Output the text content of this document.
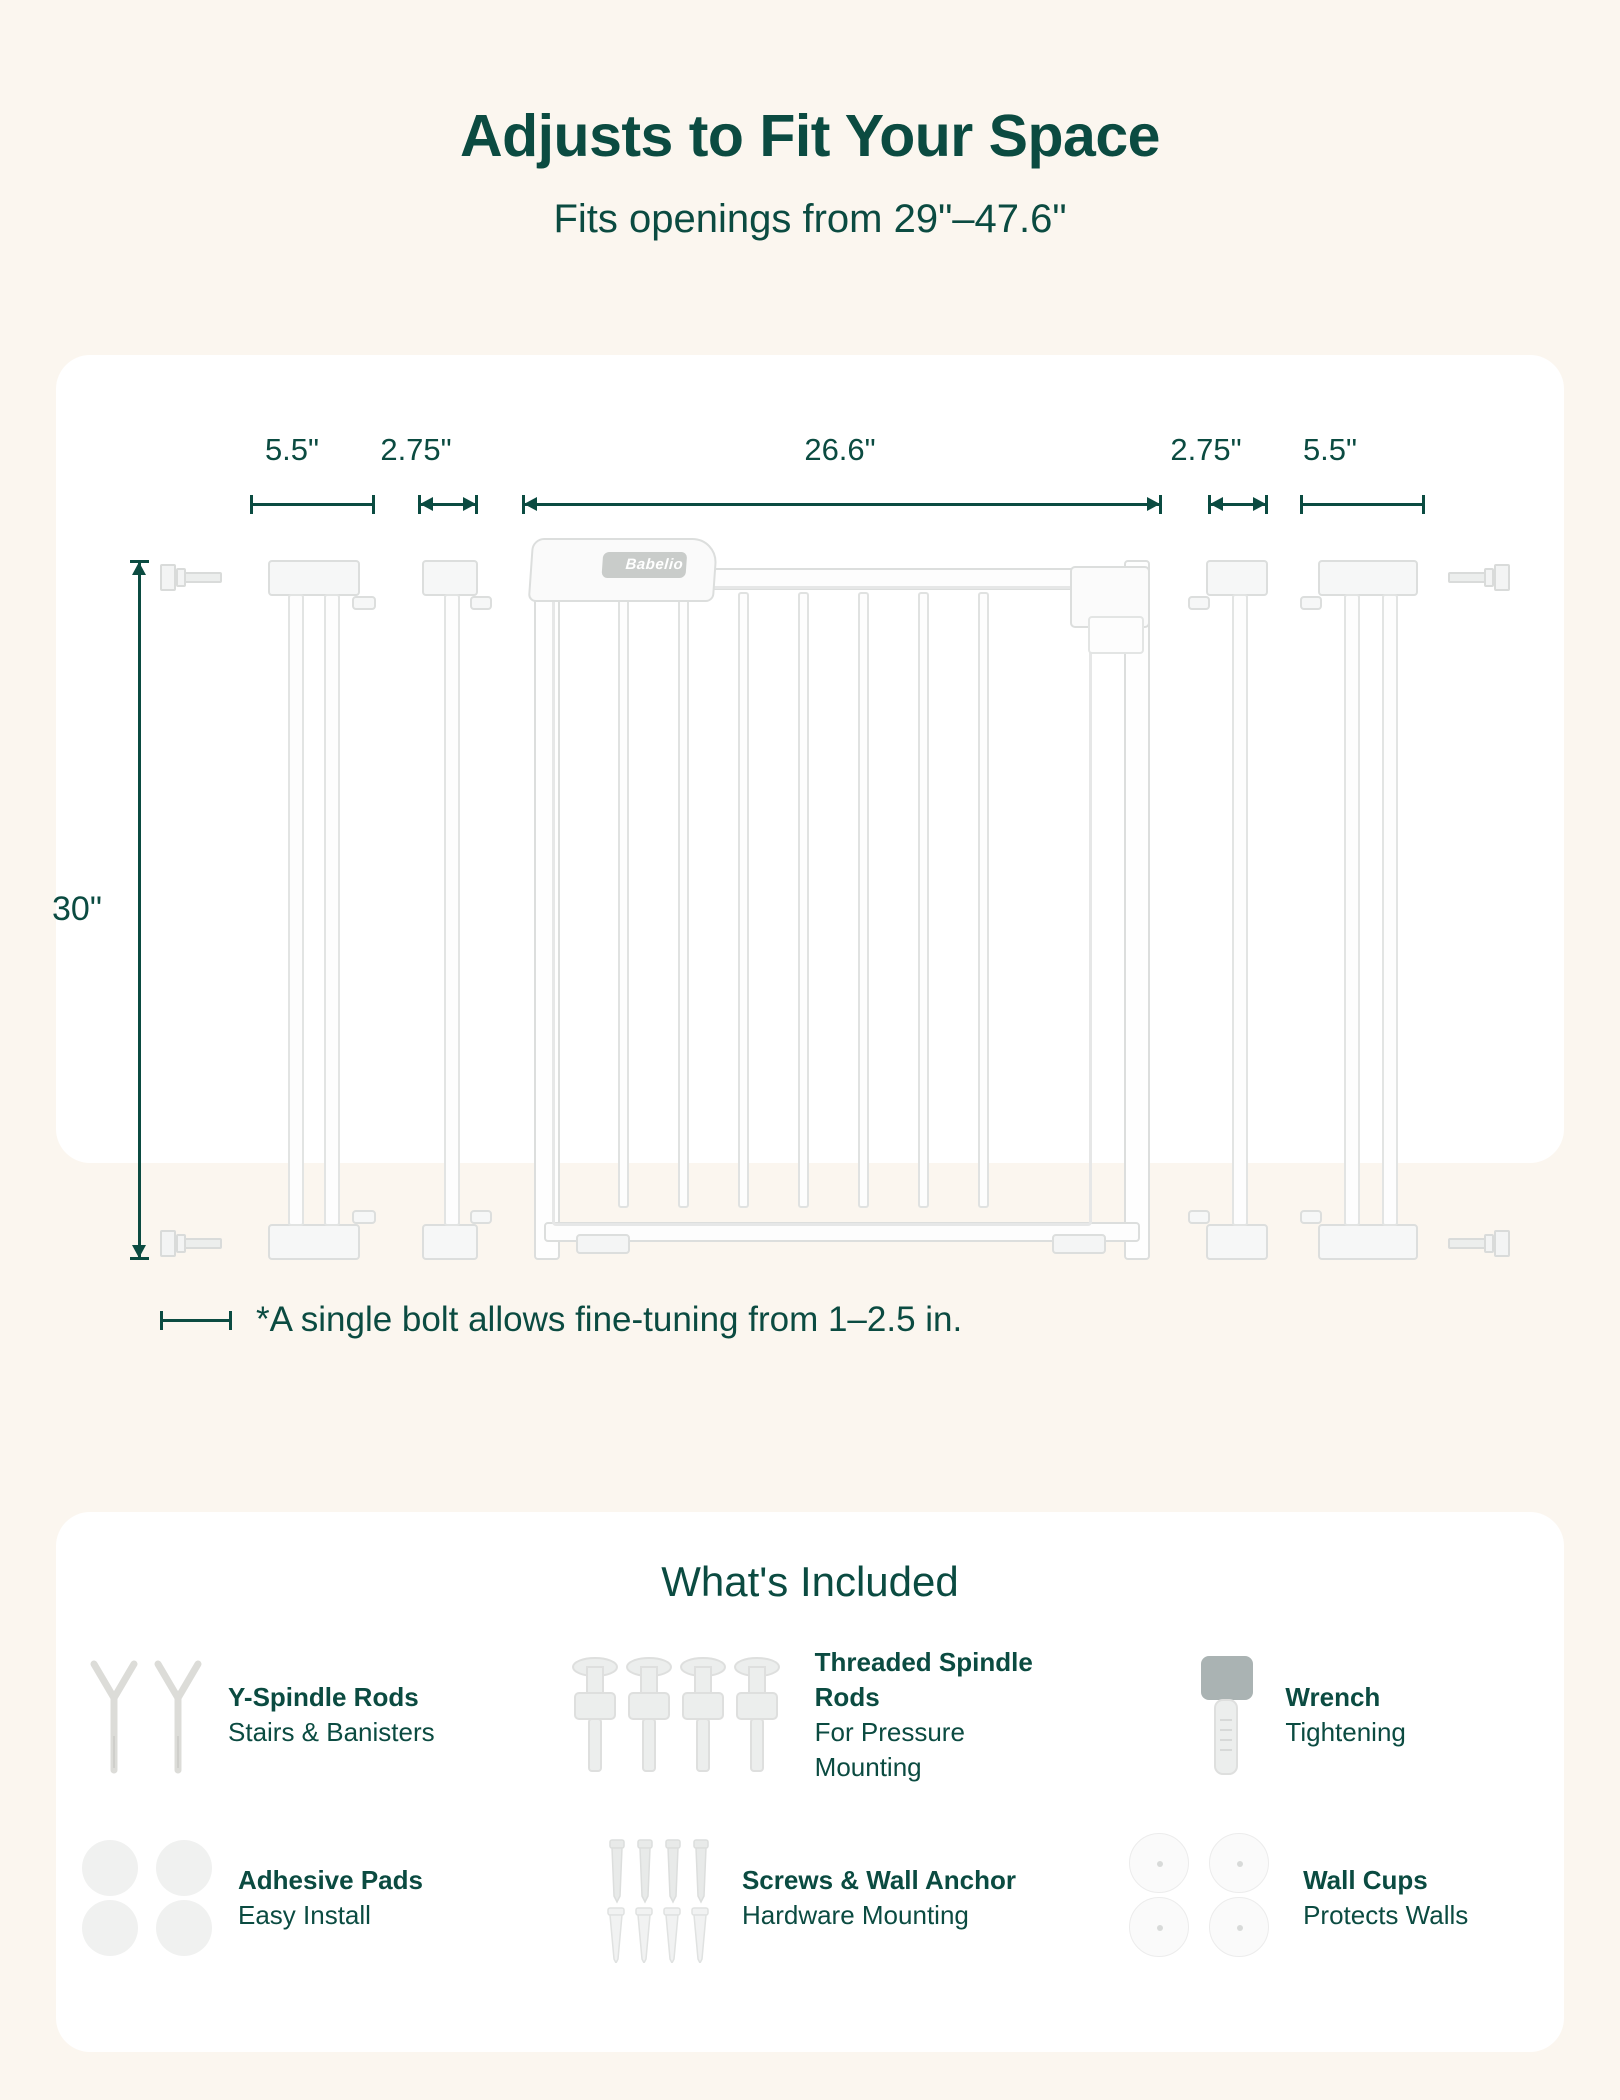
Adjusts to Fit Your Space
Fits openings from 29"–47.6"
5.5"	2.75"	26.6"	2.75"	5.5"
30"
Babelio
*A single bolt allows fine-tuning from 1–2.5 in.
What's Included
Y-Spindle Rods
Stairs & Banisters
Threaded Spindle Rods
For Pressure Mounting
Wrench
Tightening
Adhesive Pads
Easy Install
Screws & Wall Anchor
Hardware Mounting
Wall Cups
Protects Walls
